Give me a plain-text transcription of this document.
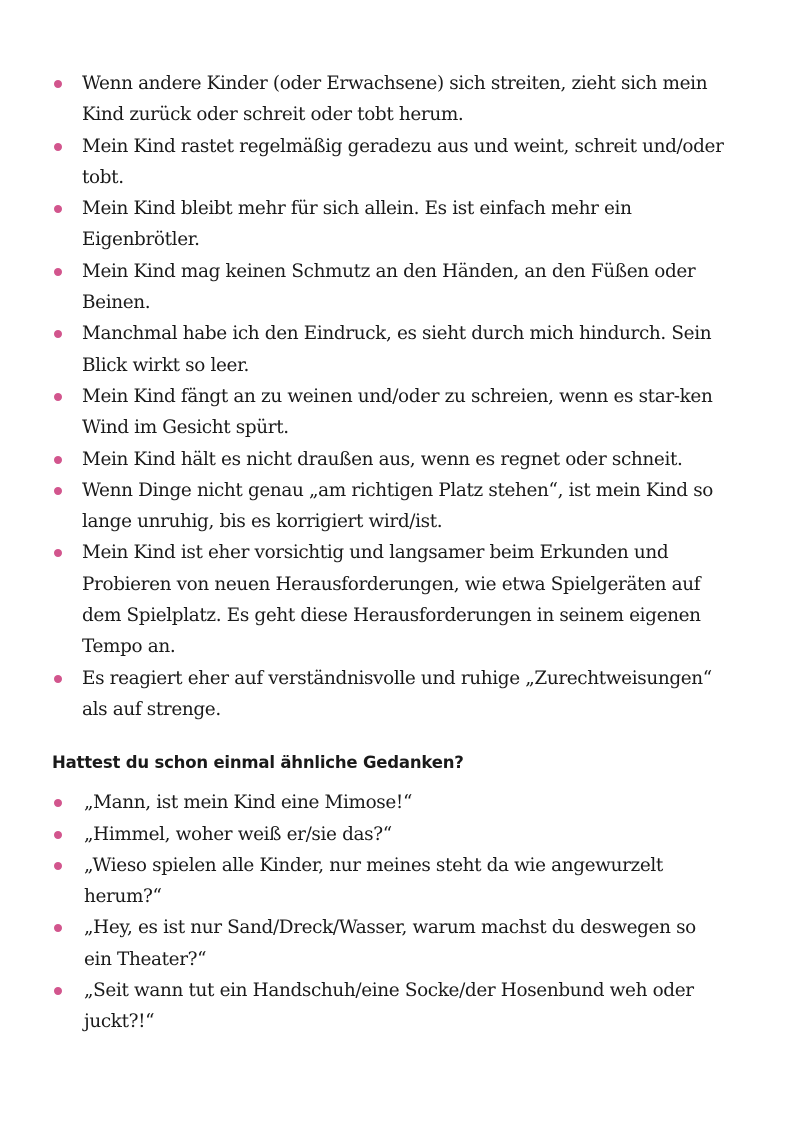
Wenn andere Kinder (oder Erwachsene) sich streiten, zieht sich mein Kind zurück oder schreit oder tobt herum.
Mein Kind rastet regelmäßig geradezu aus und weint, schreit und/oder tobt.
Mein Kind bleibt mehr für sich allein. Es ist einfach mehr ein Eigenbrötler.
Mein Kind mag keinen Schmutz an den Händen, an den Füßen oder Beinen.
Manchmal habe ich den Eindruck, es sieht durch mich hindurch. Sein Blick wirkt so leer.
Mein Kind fängt an zu weinen und/oder zu schreien, wenn es star-ken Wind im Gesicht spürt.
Mein Kind hält es nicht draußen aus, wenn es regnet oder schneit.
Wenn Dinge nicht genau „am richtigen Platz stehen“, ist mein Kind so lange unruhig, bis es korrigiert wird/ist.
Mein Kind ist eher vorsichtig und langsamer beim Erkunden und Probieren von neuen Herausforderungen, wie etwa Spielgeräten auf dem Spielplatz. Es geht diese Herausforderungen in seinem eigenen Tempo an.
Es reagiert eher auf verständnisvolle und ruhige „Zurechtweisungen“ als auf strenge.
Hattest du schon einmal ähnliche Gedanken?
„Mann, ist mein Kind eine Mimose!“
„Himmel, woher weiß er/sie das?“
„Wieso spielen alle Kinder, nur meines steht da wie angewurzelt herum?“
„Hey, es ist nur Sand/Dreck/Wasser, warum machst du deswegen so ein Theater?“
„Seit wann tut ein Handschuh/eine Socke/der Hosenbund weh oder juckt?!“
